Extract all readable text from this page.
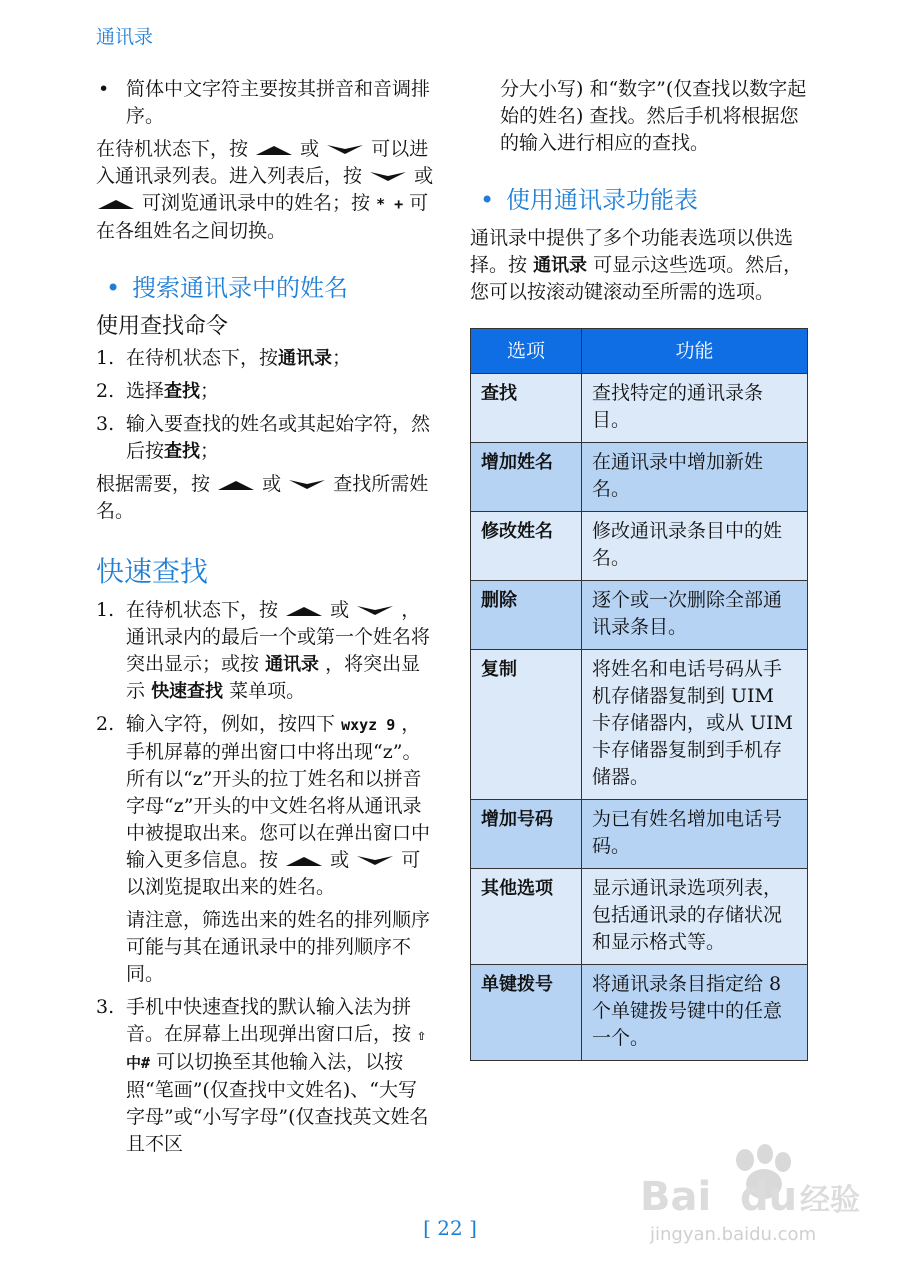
通讯录
• 简体中文字符主要按其拼音和音调排序。

在待机状态下，按	或	可以进入通讯录列表。进入列表后，按	或  可浏览通讯录中的姓名；按 * + 可在各组姓名之间切换。

• 搜索通讯录中的姓名
使用查找命令
1. 在待机状态下，按通讯录；
2. 选择查找；
3. 输入要查找的姓名或其起始字符，然后按查找；

根据需要，按	或	查找所需姓名。

快速查找
1. 在待机状态下，按	或	，通讯录内的最后一个或第一个姓名将突出显示；或按 通讯录 ，将突出显示 快速查找 菜单项。
2. 输入字符，例如，按四下 wxyz 9 ，手机屏幕的弹出窗口中将出现“z”。所有以“z”开头的拉丁姓名和以拼音字母“z”开头的中文姓名将从通讯录中被提取出来。您可以在弹出窗口中输入更多信息。按	或	可以浏览提取出来的姓名。

请注意，筛选出来的姓名的排列顺序可能与其在通讯录中的排列顺序不同。

3. 手机中快速查找的默认输入法为拼音。在屏幕上出现弹出窗口后，按 ⇧中# 可以切换至其他输入法，以按照“笔画”(仅查找中文姓名)、“大写字母”或“小写字母”(仅查找英文姓名且不区

分大小写) 和“数字”(仅查找以数字起始的姓名) 查找。然后手机将根据您的输入进行相应的查找。

• 使用通讯录功能表

通讯录中提供了多个功能表选项以供选择。按 通讯录 可显示这些选项。然后，您可以按滚动键滚动至所需的选项。

选项	功能
查找	查找特定的通讯录条目。
增加姓名	在通讯录中增加新姓名。
修改姓名	修改通讯录条目中的姓名。
删除	逐个或一次删除全部通讯录条目。
复制	将姓名和电话号码从手机存储器复制到 UIM 卡存储器内，或从 UIM 卡存储器复制到手机存储器。
增加号码	为已有姓名增加电话号码。
其他选项	显示通讯录选项列表，包括通讯录的存储状况和显示格式等。
单键拨号	将通讯录条目指定给 8 个单键拨号键中的任意一个。
[ 22 ]
Bai du 经验
jingyan.baidu.com
